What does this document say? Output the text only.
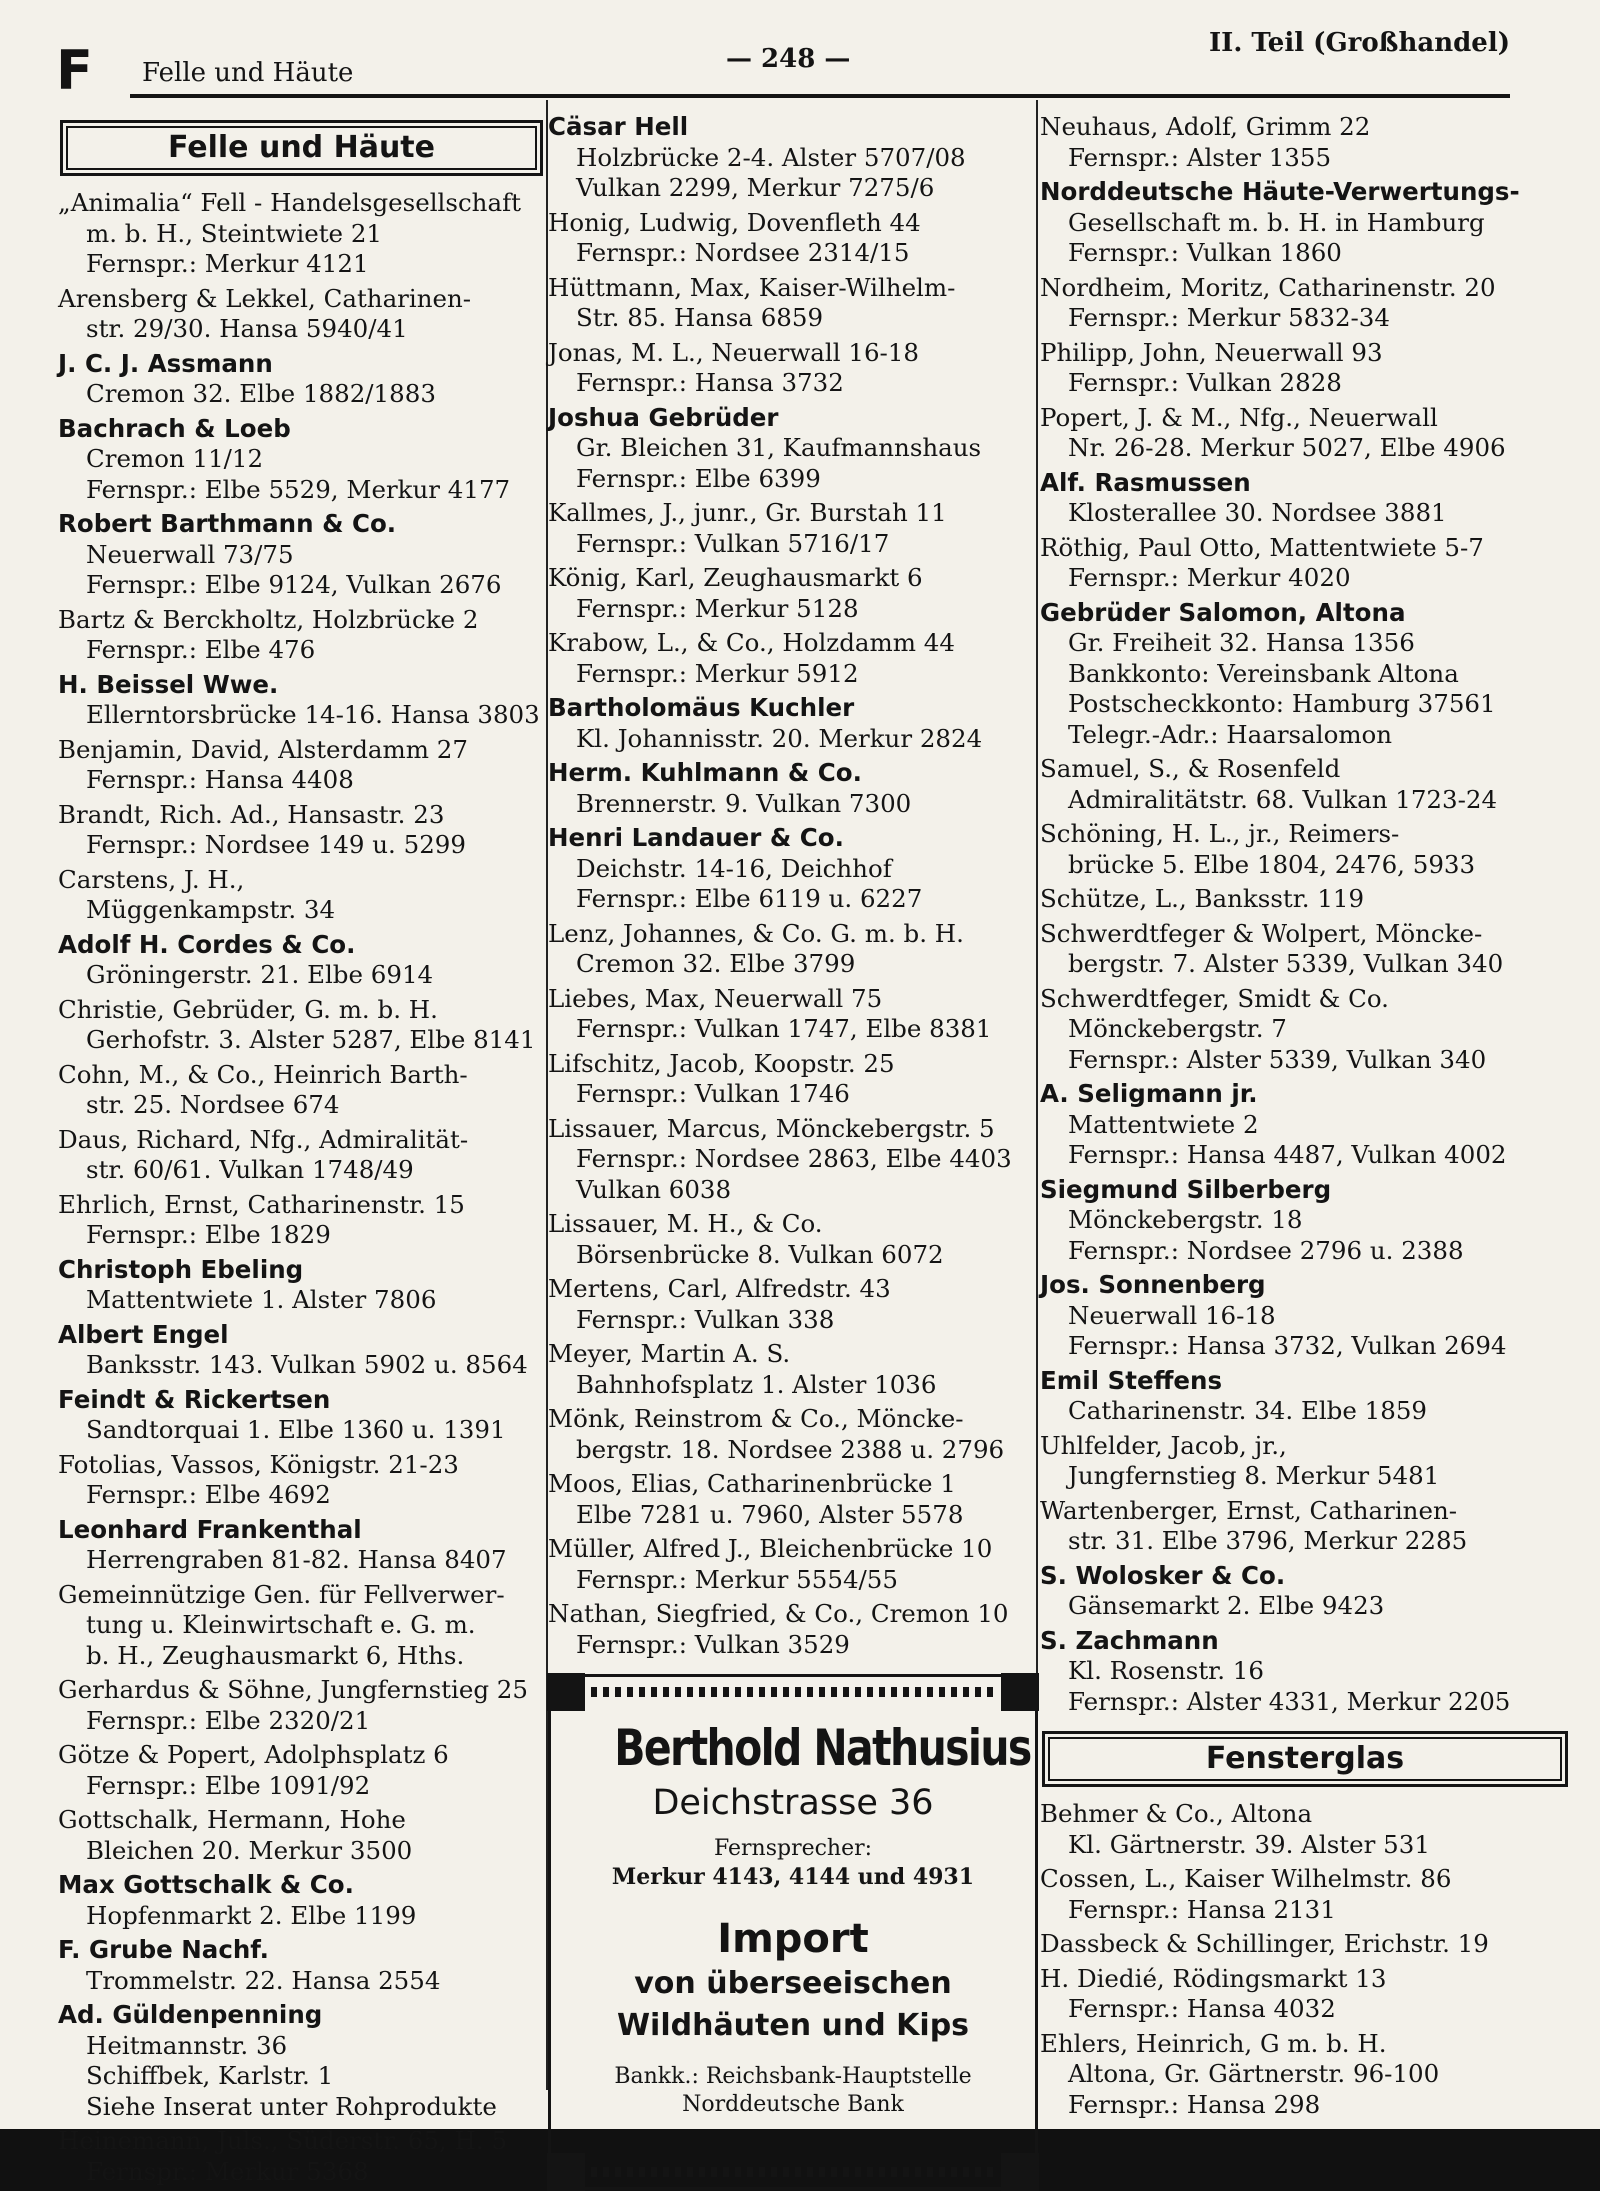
F Felle und Häute	— 248 —
II. Teil (Großhandel)
Felle und Häute
„Animalia“ Fell - Handelsgesellschaft
m. b. H., Steintwiete 21
Fernspr.: Merkur 4121
Arensberg & Lekkel, Catharinen-
str. 29/30. Hansa 5940/41
J. C. J. Assmann
Cremon 32. Elbe 1882/1883
Bachrach & Loeb
Cremon 11/12
Fernspr.: Elbe 5529, Merkur 4177
Robert Barthmann & Co.
Neuerwall 73/75
Fernspr.: Elbe 9124, Vulkan 2676
Bartz & Berckholtz, Holzbrücke 2
Fernspr.: Elbe 476
H. Beissel Wwe.
Ellerntorsbrücke 14-16. Hansa 3803
Benjamin, David, Alsterdamm 27
Fernspr.: Hansa 4408
Brandt, Rich. Ad., Hansastr. 23
Fernspr.: Nordsee 149 u. 5299
Carstens, J. H.,
Müggenkampstr. 34
Adolf H. Cordes & Co.
Gröningerstr. 21. Elbe 6914
Christie, Gebrüder, G. m. b. H.
Gerhofstr. 3. Alster 5287, Elbe 8141
Cohn, M., & Co., Heinrich Barth-
str. 25. Nordsee 674
Daus, Richard, Nfg., Admiralität-
str. 60/61. Vulkan 1748/49
Ehrlich, Ernst, Catharinenstr. 15
Fernspr.: Elbe 1829
Christoph Ebeling
Mattentwiete 1. Alster 7806
Albert Engel
Banksstr. 143. Vulkan 5902 u. 8564
Feindt & Rickertsen
Sandtorquai 1. Elbe 1360 u. 1391
Fotolias, Vassos, Königstr. 21-23
Fernspr.: Elbe 4692
Leonhard Frankenthal
Herrengraben 81-82. Hansa 8407
Gemeinnützige Gen. für Fellverwer-
tung u. Kleinwirtschaft e. G. m.
b. H., Zeughausmarkt 6, Hths.
Gerhardus & Söhne, Jungfernstieg 25
Fernspr.: Elbe 2320/21
Götze & Popert, Adolphsplatz 6
Fernspr.: Elbe 1091/92
Gottschalk, Hermann, Hohe
Bleichen 20. Merkur 3500
Max Gottschalk & Co.
Hopfenmarkt 2. Elbe 1199
F. Grube Nachf.
Trommelstr. 22. Hansa 2554
Ad. Güldenpenning
Heitmannstr. 36
Schiffbek, Karlstr. 1
Siehe Inserat unter Rohprodukte
Heinemann, Juls., Süderstr. 65, H. 5
Fernspr.: Merkur 5368
Cäsar Hell
Holzbrücke 2-4. Alster 5707/08
Vulkan 2299, Merkur 7275/6
Honig, Ludwig, Dovenfleth 44
Fernspr.: Nordsee 2314/15
Hüttmann, Max, Kaiser-Wilhelm-
Str. 85. Hansa 6859
Jonas, M. L., Neuerwall 16-18
Fernspr.: Hansa 3732
Joshua Gebrüder
Gr. Bleichen 31, Kaufmannshaus
Fernspr.: Elbe 6399
Kallmes, J., junr., Gr. Burstah 11
Fernspr.: Vulkan 5716/17
König, Karl, Zeughausmarkt 6
Fernspr.: Merkur 5128
Krabow, L., & Co., Holzdamm 44
Fernspr.: Merkur 5912
Bartholomäus Kuchler
Kl. Johannisstr. 20. Merkur 2824
Herm. Kuhlmann & Co.
Brennerstr. 9. Vulkan 7300
Henri Landauer & Co.
Deichstr. 14-16, Deichhof
Fernspr.: Elbe 6119 u. 6227
Lenz, Johannes, & Co. G. m. b. H.
Cremon 32. Elbe 3799
Liebes, Max, Neuerwall 75
Fernspr.: Vulkan 1747, Elbe 8381
Lifschitz, Jacob, Koopstr. 25
Fernspr.: Vulkan 1746
Lissauer, Marcus, Mönckebergstr. 5
Fernspr.: Nordsee 2863, Elbe 4403
Vulkan 6038
Lissauer, M. H., & Co.
Börsenbrücke 8. Vulkan 6072
Mertens, Carl, Alfredstr. 43
Fernspr.: Vulkan 338
Meyer, Martin A. S.
Bahnhofsplatz 1. Alster 1036
Mönk, Reinstrom & Co., Möncke-
bergstr. 18. Nordsee 2388 u. 2796
Moos, Elias, Catharinenbrücke 1
Elbe 7281 u. 7960, Alster 5578
Müller, Alfred J., Bleichenbrücke 10
Fernspr.: Merkur 5554/55
Nathan, Siegfried, & Co., Cremon 10
Fernspr.: Vulkan 3529
Berthold Nathusius
Deichstrasse 36
Fernsprecher:
Merkur 4143, 4144 und 4931
Import
von überseeischen
Wildhäuten und Kips
Bankk.: Reichsbank-Hauptstelle
Norddeutsche Bank
Neuhaus, Adolf, Grimm 22
Fernspr.: Alster 1355
Norddeutsche Häute-Verwertungs-
Gesellschaft m. b. H. in Hamburg
Fernspr.: Vulkan 1860
Nordheim, Moritz, Catharinenstr. 20
Fernspr.: Merkur 5832-34
Philipp, John, Neuerwall 93
Fernspr.: Vulkan 2828
Popert, J. & M., Nfg., Neuerwall
Nr. 26-28. Merkur 5027, Elbe 4906
Alf. Rasmussen
Klosterallee 30. Nordsee 3881
Röthig, Paul Otto, Mattentwiete 5-7
Fernspr.: Merkur 4020
Gebrüder Salomon, Altona
Gr. Freiheit 32. Hansa 1356
Bankkonto: Vereinsbank Altona
Postscheckkonto: Hamburg 37561
Telegr.-Adr.: Haarsalomon
Samuel, S., & Rosenfeld
Admiralitätstr. 68. Vulkan 1723-24
Schöning, H. L., jr., Reimers-
brücke 5. Elbe 1804, 2476, 5933
Schütze, L., Banksstr. 119
Schwerdtfeger & Wolpert, Möncke-
bergstr. 7. Alster 5339, Vulkan 340
Schwerdtfeger, Smidt & Co.
Mönckebergstr. 7
Fernspr.: Alster 5339, Vulkan 340
A. Seligmann jr.
Mattentwiete 2
Fernspr.: Hansa 4487, Vulkan 4002
Siegmund Silberberg
Mönckebergstr. 18
Fernspr.: Nordsee 2796 u. 2388
Jos. Sonnenberg
Neuerwall 16-18
Fernspr.: Hansa 3732, Vulkan 2694
Emil Steffens
Catharinenstr. 34. Elbe 1859
Uhlfelder, Jacob, jr.,
Jungfernstieg 8. Merkur 5481
Wartenberger, Ernst, Catharinen-
str. 31. Elbe 3796, Merkur 2285
S. Wolosker & Co.
Gänsemarkt 2. Elbe 9423
S. Zachmann
Kl. Rosenstr. 16
Fernspr.: Alster 4331, Merkur 2205
Fensterglas
Behmer & Co., Altona
Kl. Gärtnerstr. 39. Alster 531
Cossen, L., Kaiser Wilhelmstr. 86
Fernspr.: Hansa 2131
Dassbeck & Schillinger, Erichstr. 19
H. Diedié, Rödingsmarkt 13
Fernspr.: Hansa 4032
Ehlers, Heinrich, G m. b. H.
Altona, Gr. Gärtnerstr. 96-100
Fernspr.: Hansa 298
